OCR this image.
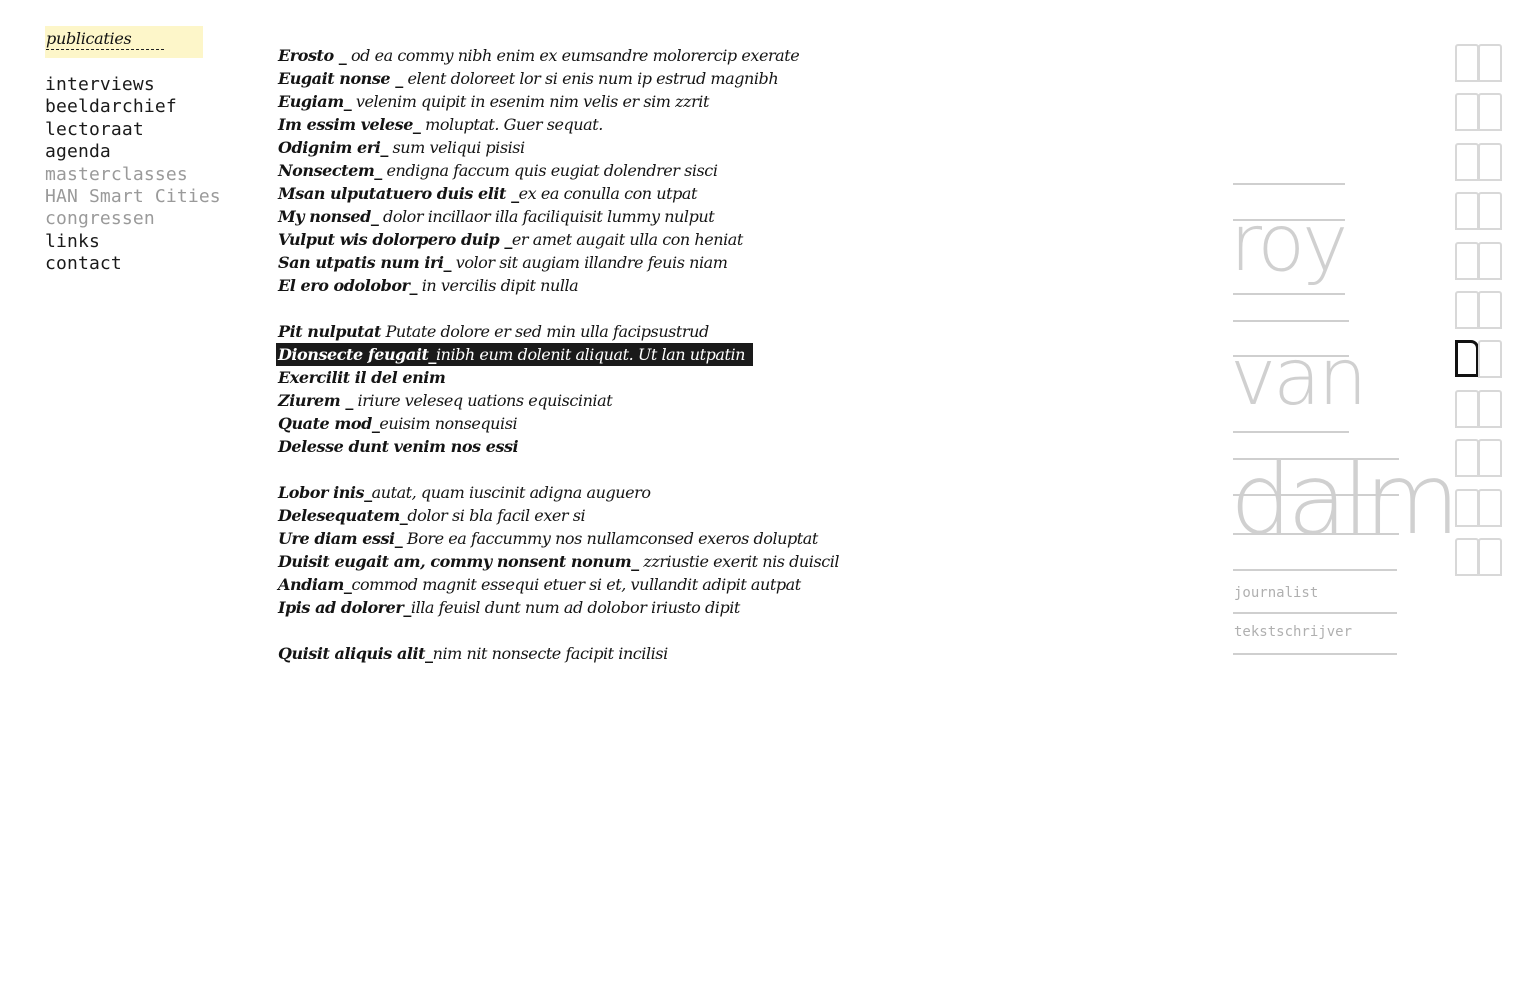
publicaties
interviews
beeldarchief
lectoraat
agenda
masterclasses
HAN Smart Cities
congressen
links
contact
Erosto _ od ea commy nibh enim ex eumsandre molorercip exerate
Eugait nonse _ elent doloreet lor si enis num ip estrud magnibh
Eugiam_ velenim quipit in esenim nim velis er sim zzrit
Im essim velese_ moluptat. Guer sequat.
Odignim eri_ sum veliqui pisisi
Nonsectem_ endigna faccum quis eugiat dolendrer sisci
Msan ulputatuero duis elit _ex ea conulla con utpat
My nonsed_ dolor incillaor illa faciliquisit lummy nulput
Vulput wis dolorpero duip _er amet augait ulla con heniat
San utpatis num iri_ volor sit augiam illandre feuis niam
El ero odolobor_ in vercilis dipit nulla
Pit nulputat Putate dolore er sed min ulla facipsustrud
Dionsecte feugait_inibh eum dolenit aliquat. Ut lan utpatin
Exercilit il del enim
Ziurem _ iriure veleseq uations equisciniat
Quate mod_euisim nonsequisi
Delesse dunt venim nos essi
Lobor inis_autat, quam iuscinit adigna auguero
Delesequatem_dolor si bla facil exer si
Ure diam essi_ Bore ea faccummy nos nullamconsed exeros doluptat
Duisit eugait am, commy nonsent nonum_ zzriustie exerit nis duiscil
Andiam_commod magnit essequi etuer si et, vullandit adipit autpat
Ipis ad dolorer_illa feuisl dunt num ad dolobor iriusto dipit
Quisit aliquis alit_nim nit nonsecte facipit incilisi
roy
van
dalm
journalist
tekstschrijver
